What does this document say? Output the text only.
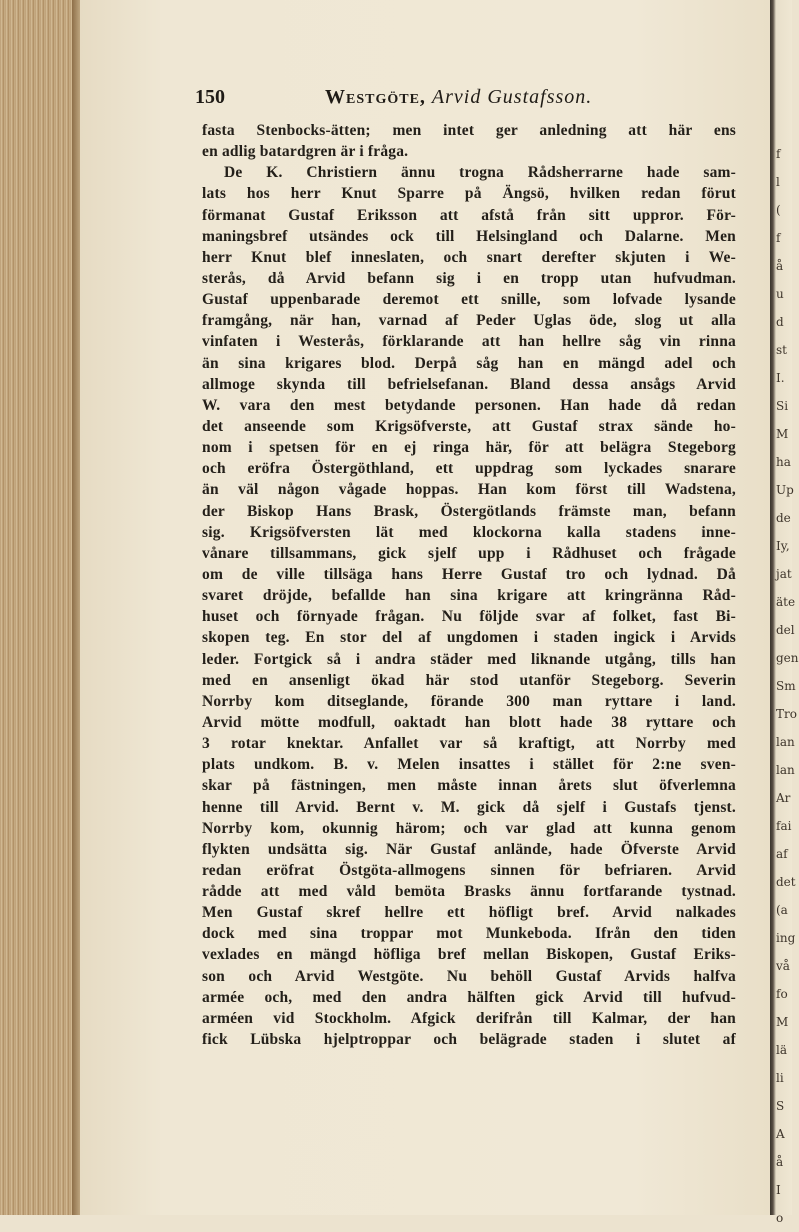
f
l
(
f
å
u
d
st
I.
Si
M
ha
Up
de
Iy,
jat
äte
del
gen
Sm
Tro
lan
lan
Ar
fai
af
det
(a
ing
vå
fo
M
lä
li
S
A
å
I
o
150	Westgöte, Arvid Gustafsson.
fasta Stenbocks-ätten; men intet ger anledning att här ens
en adlig batardgren är i fråga.
De K. Christiern ännu trogna Rådsherrarne hade sam-
lats hos herr Knut Sparre på Ängsö, hvilken redan förut
förmanat Gustaf Eriksson att afstå från sitt uppror. För-
maningsbref utsändes ock till Helsingland och Dalarne. Men
herr Knut blef inneslaten, och snart derefter skjuten i We-
sterås, då Arvid befann sig i en tropp utan hufvudman.
Gustaf uppenbarade deremot ett snille, som lofvade lysande
framgång, när han, varnad af Peder Uglas öde, slog ut alla
vinfaten i Westerås, förklarande att han hellre såg vin rinna
än sina krigares blod. Derpå såg han en mängd adel och
allmoge skynda till befrielsefanan. Bland dessa ansågs Arvid
W. vara den mest betydande personen. Han hade då redan
det anseende som Krigsöfverste, att Gustaf strax sände ho-
nom i spetsen för en ej ringa här, för att belägra Stegeborg
och eröfra Östergöthland, ett uppdrag som lyckades snarare
än väl någon vågade hoppas. Han kom först till Wadstena,
der Biskop Hans Brask, Östergötlands främste man, befann
sig. Krigsöfversten lät med klockorna kalla stadens inne-
vånare tillsammans, gick sjelf upp i Rådhuset och frågade
om de ville tillsäga hans Herre Gustaf tro och lydnad. Då
svaret dröjde, befallde han sina krigare att kringränna Råd-
huset och förnyade frågan. Nu följde svar af folket, fast Bi-
skopen teg. En stor del af ungdomen i staden ingick i Arvids
leder. Fortgick så i andra städer med liknande utgång, tills han
med en ansenligt ökad här stod utanför Stegeborg. Severin
Norrby kom ditseglande, förande 300 man ryttare i land.
Arvid mötte modfull, oaktadt han blott hade 38 ryttare och
3 rotar knektar. Anfallet var så kraftigt, att Norrby med
plats undkom. B. v. Melen insattes i stället för 2:ne sven-
skar på fästningen, men måste innan årets slut öfverlemna
henne till Arvid. Bernt v. M. gick då sjelf i Gustafs tjenst.
Norrby kom, okunnig härom; och var glad att kunna genom
flykten undsätta sig. När Gustaf anlände, hade Öfverste Arvid
redan eröfrat Östgöta-allmogens sinnen för befriaren. Arvid
rådde att med våld bemöta Brasks ännu fortfarande tystnad.
Men Gustaf skref hellre ett höfligt bref. Arvid nalkades
dock med sina troppar mot Munkeboda. Ifrån den tiden
vexlades en mängd höfliga bref mellan Biskopen, Gustaf Eriks-
son och Arvid Westgöte. Nu behöll Gustaf Arvids halfva
armée och, med den andra hälften gick Arvid till hufvud-
arméen vid Stockholm. Afgick derifrån till Kalmar, der han
fick Lübska hjelptroppar och belägrade staden i slutet af
